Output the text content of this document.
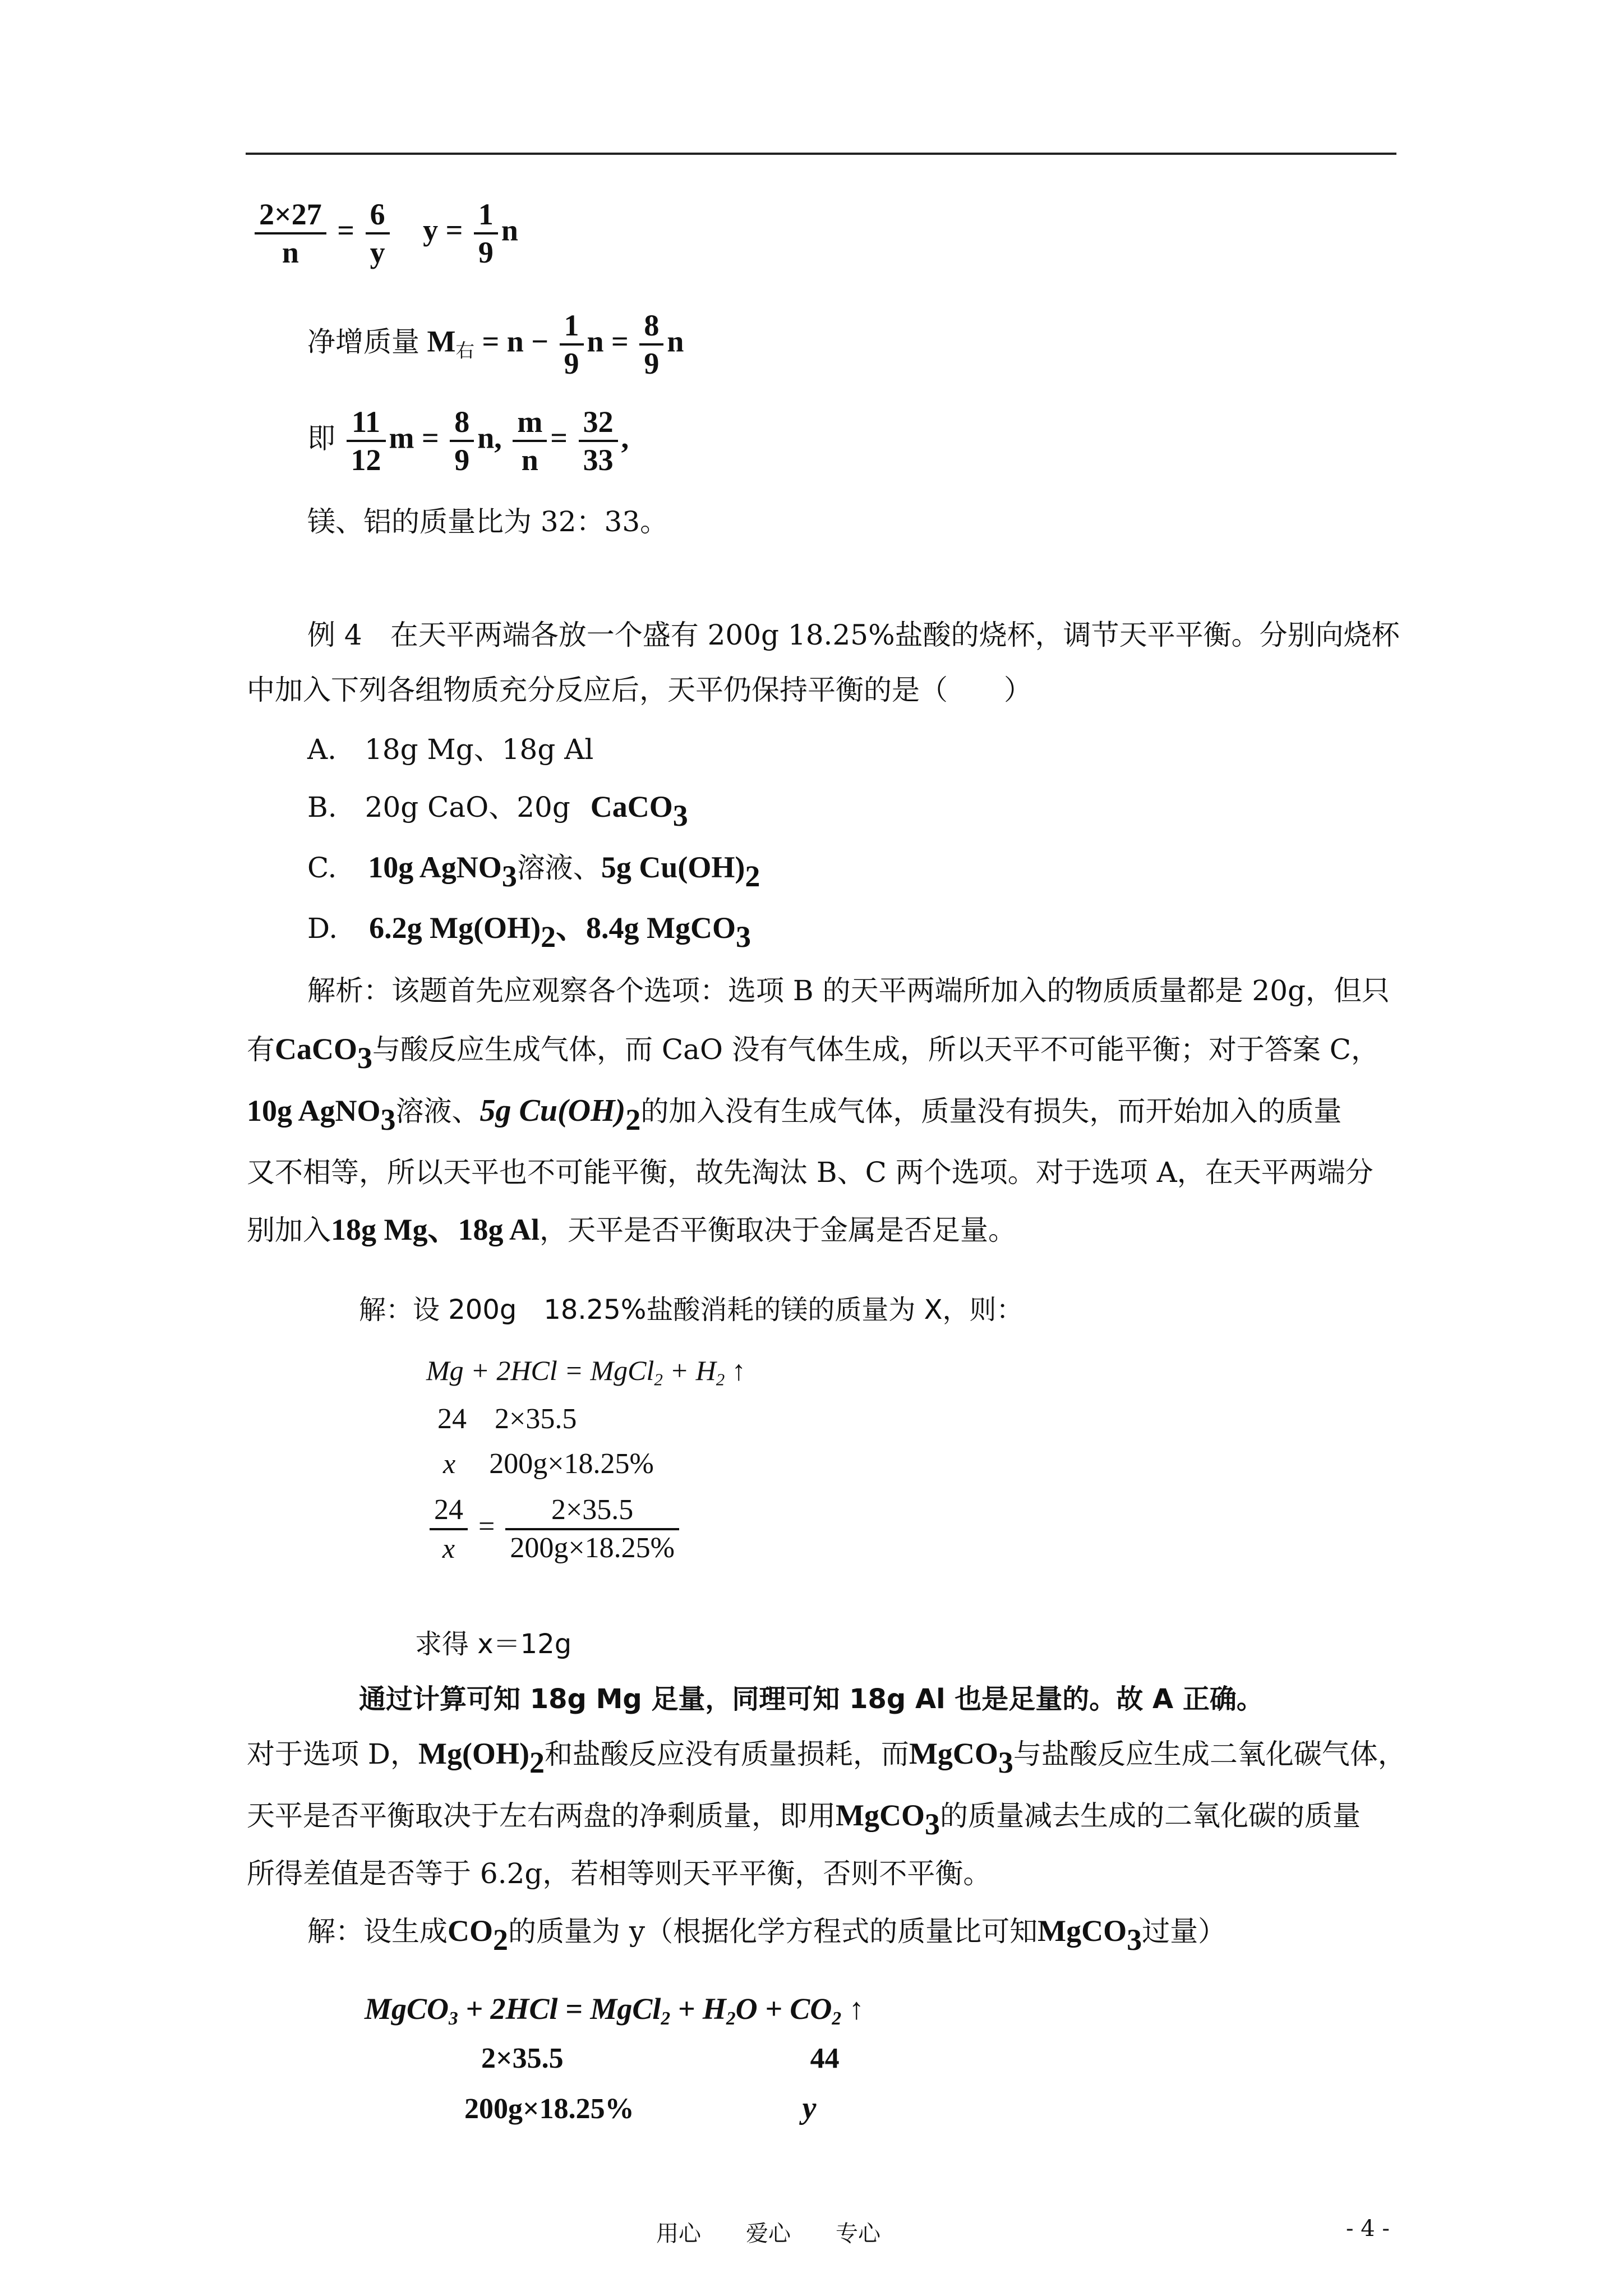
$\frac{2\times 27}{n} = \frac{6}{y}$ $y = \frac{1}{9}$ n
净增质量 $M_右 = n - \frac{1}{9}$ $n = \frac{8}{9}$ n
即 $\frac{11}{12}$ $m = \frac{8}{9} n$, $\frac{m}{n} = \frac{32}{33}$ ,
镁、铝的质量比为 32：33。
例 4　在天平两端各放一个盛有 200g 18.25%盐酸的烧杯，调节天平平衡。分别向烧杯
中加入下列各组物质充分反应后，天平仍保持平衡的是（　　）
A.　18g Mg、18g Al
B.　20g CaO、20g CaCO$_3$
C. 10g AgNO$_3$溶液、5g $Cu(OH)_2$
D. 6.2g $Mg(OH)_2$、8.4g MgCO$_3$
解析：该题首先应观察各个选项：选项 B 的天平两端所加入的物质质量都是 20g，但只
有CaCO$_3$与酸反应生成气体，而 CaO 没有气体生成，所以天平不可能平衡；对于答案 C，
10g AgNO$_3$溶液、5g $Cu(OH)_2$的加入没有生成气体，质量没有损失，而开始加入的质量
又不相等，所以天平也不可能平衡，故先淘汰 B、C 两个选项。对于选项 A，在天平两端分
别加入18g Mg、18g Al，天平是否平衡取决于金属是否足量。
解：设 200g　18.25%盐酸消耗的镁的质量为 X，则：
Mg + 2HCl = MgCl$_2$ + $H_2$ ↑
24 2×35.5
x 200g×18.25%
$\frac{24}{x} = \frac{2\times 35.5}{200g\times 18.25\%}$
求得 x＝12g
通过计算可知 18g Mg 足量，同理可知 18g Al 也是足量的。故 A 正确。
对于选项 D，$Mg(OH)_2$和盐酸反应没有质量损耗，而MgCO$_3$与盐酸反应生成二氧化碳气体，
天平是否平衡取决于左右两盘的净剩质量，即用MgCO$_3$的质量减去生成的二氧化碳的质量
所得差值是否等于 6.2g，若相等则天平平衡，否则不平衡。
解：设生成$CO_2$的质量为 y（根据化学方程式的质量比可知MgCO$_3$过量）
MgCO$_3$ + 2HCl = MgCl$_2$ + $H_2O + CO_2$ ↑
2×35.5	44
200g×18.25%	y
用心　　爱心　　专心	- 4 -
